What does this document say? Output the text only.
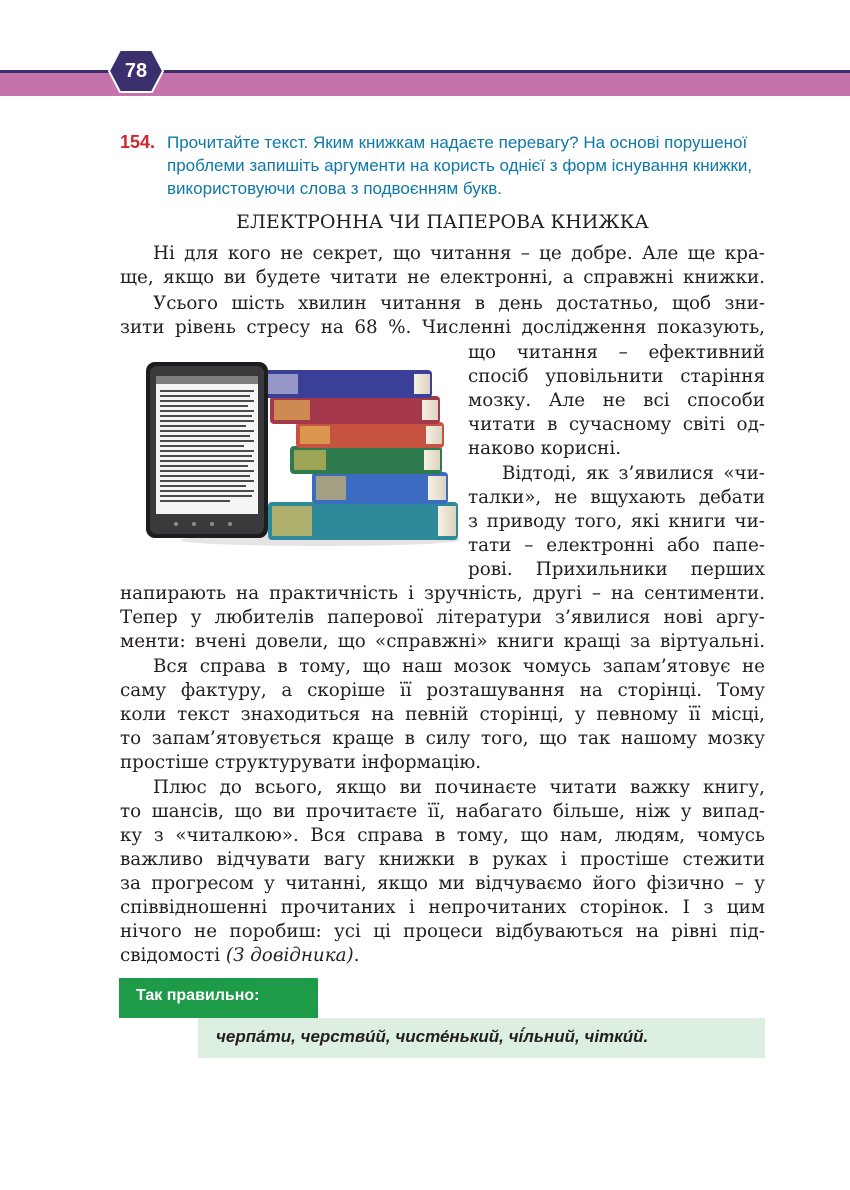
78
154. Прочитайте текст. Яким книжкам надаєте перевагу? На основі порушеної
проблеми запишіть аргументи на користь однієї з форм існування книжки,
використовуючи слова з подвоєнням букв.
ЕЛЕКТРОННА ЧИ ПАПЕРОВА КНИЖКА
Ні для кого не секрет, що читання – це добре. Але ще кра-
ще, якщо ви будете читати не електронні, а справжні книжки.
Усього шість хвилин читання в день достатньо, щоб зни-
зити рівень стресу на 68 %. Численні дослідження показують,
що читання – ефективний
спосіб уповільнити старіння
мозку. Але не всі способи
читати в сучасному світі од-
наково корисні.
Відтоді, як з’явилися «чи-
талки», не вщухають дебати
з приводу того, які книги чи-
тати – електронні або папе-
рові. Прихильники перших
напирають на практичність і зручність, другі – на сентименти.
Тепер у любителів паперової літератури з’явилися нові аргу-
менти: вчені довели, що «справжні» книги кращі за віртуальні.
Вся справа в тому, що наш мозок чомусь запам’ятовує не
саму фактуру, а скоріше її розташування на сторінці. Тому
коли текст знаходиться на певній сторінці, у певному її місці,
то запам’ятовується краще в силу того, що так нашому мозку
простіше структурувати інформацію.
Плюс до всього, якщо ви починаєте читати важку книгу,
то шансів, що ви прочитаєте її, набагато більше, ніж у випад-
ку з «читалкою». Вся справа в тому, що нам, людям, чомусь
важливо відчувати вагу книжки в руках і простіше стежити
за прогресом у читанні, якщо ми відчуваємо його фізично – у
співвідношенні прочитаних і непрочитаних сторінок. І з цим
нічого не поробиш: усі ці процеси відбуваються на рівні під-
свідомості (З довідника).
Так правильно:
черпа́ти, черстви́й, чисте́нький, чі́льний, чітки́й.
